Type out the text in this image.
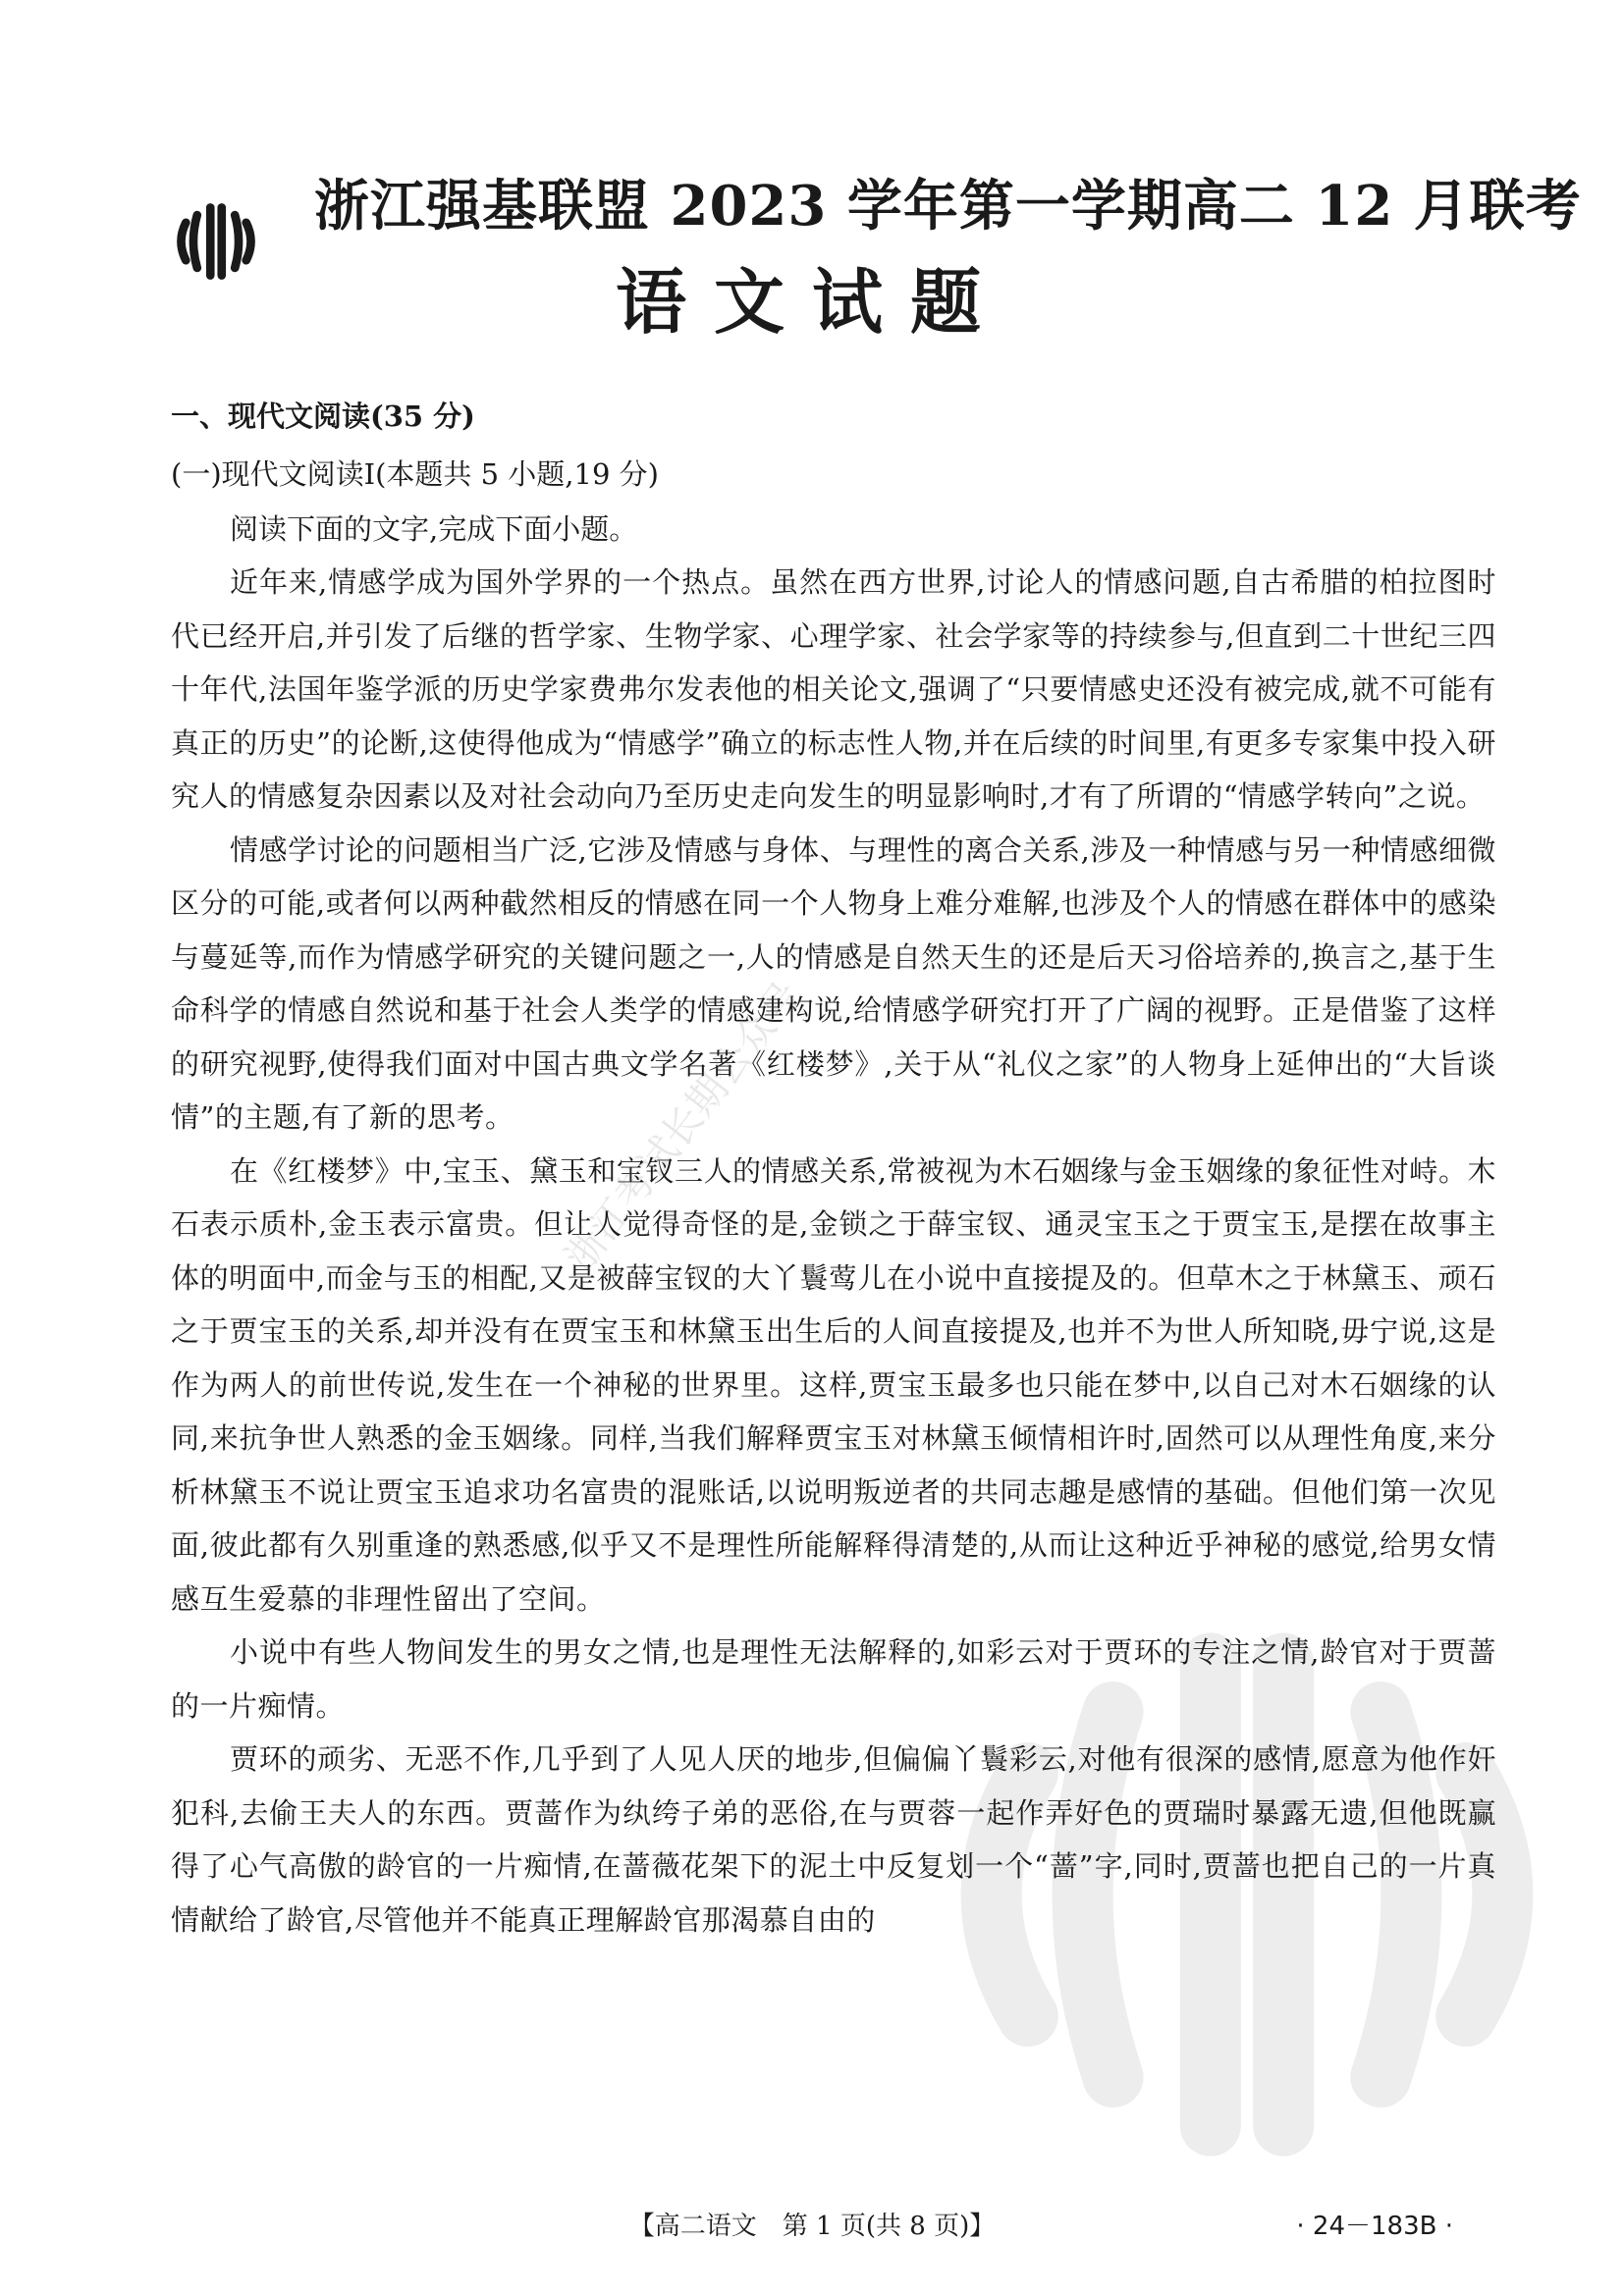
浙江强基联盟 2023 学年第一学期高二 12 月联考
语文试题

一、现代文阅读(35 分)

(一)现代文阅读Ⅰ(本题共 5 小题,19 分)

阅读下面的文字,完成下面小题。

近年来,情感学成为国外学界的一个热点。虽然在西方世界,讨论人的情感问题,自古希腊的柏拉图时代已经开启,并引发了后继的哲学家、生物学家、心理学家、社会学家等的持续参与,但直到二十世纪三四十年代,法国年鉴学派的历史学家费弗尔发表他的相关论文,强调了“只要情感史还没有被完成,就不可能有真正的历史”的论断,这使得他成为“情感学”确立的标志性人物,并在后续的时间里,有更多专家集中投入研究人的情感复杂因素以及对社会动向乃至历史走向发生的明显影响时,才有了所谓的“情感学转向”之说。

情感学讨论的问题相当广泛,它涉及情感与身体、与理性的离合关系,涉及一种情感与另一种情感细微区分的可能,或者何以两种截然相反的情感在同一个人物身上难分难解,也涉及个人的情感在群体中的感染与蔓延等,而作为情感学研究的关键问题之一,人的情感是自然天生的还是后天习俗培养的,换言之,基于生命科学的情感自然说和基于社会人类学的情感建构说,给情感学研究打开了广阔的视野。正是借鉴了这样的研究视野,使得我们面对中国古典文学名著《红楼梦》,关于从“礼仪之家”的人物身上延伸出的“大旨谈情”的主题,有了新的思考。

在《红楼梦》中,宝玉、黛玉和宝钗三人的情感关系,常被视为木石姻缘与金玉姻缘的象征性对峙。木石表示质朴,金玉表示富贵。但让人觉得奇怪的是,金锁之于薛宝钗、通灵宝玉之于贾宝玉,是摆在故事主体的明面中,而金与玉的相配,又是被薛宝钗的大丫鬟莺儿在小说中直接提及的。但草木之于林黛玉、顽石之于贾宝玉的关系,却并没有在贾宝玉和林黛玉出生后的人间直接提及,也并不为世人所知晓,毋宁说,这是作为两人的前世传说,发生在一个神秘的世界里。这样,贾宝玉最多也只能在梦中,以自己对木石姻缘的认同,来抗争世人熟悉的金玉姻缘。同样,当我们解释贾宝玉对林黛玉倾情相许时,固然可以从理性角度,来分析林黛玉不说让贾宝玉追求功名富贵的混账话,以说明叛逆者的共同志趣是感情的基础。但他们第一次见面,彼此都有久别重逢的熟悉感,似乎又不是理性所能解释得清楚的,从而让这种近乎神秘的感觉,给男女情感互生爱慕的非理性留出了空间。

小说中有些人物间发生的男女之情,也是理性无法解释的,如彩云对于贾环的专注之情,龄官对于贾蔷的一片痴情。

贾环的顽劣、无恶不作,几乎到了人见人厌的地步,但偏偏丫鬟彩云,对他有很深的感情,愿意为他作奸犯科,去偷王夫人的东西。贾蔷作为纨绔子弟的恶俗,在与贾蓉一起作弄好色的贾瑞时暴露无遗,但他既赢得了心气高傲的龄官的一片痴情,在蔷薇花架下的泥土中反复划一个“蔷”字,同时,贾蔷也把自己的一片真情献给了龄官,尽管他并不能真正理解龄官那渴慕自由的

浙江考试长期公众号
【高二语文　第 1 页(共 8 页)】	· 24－183B ·
